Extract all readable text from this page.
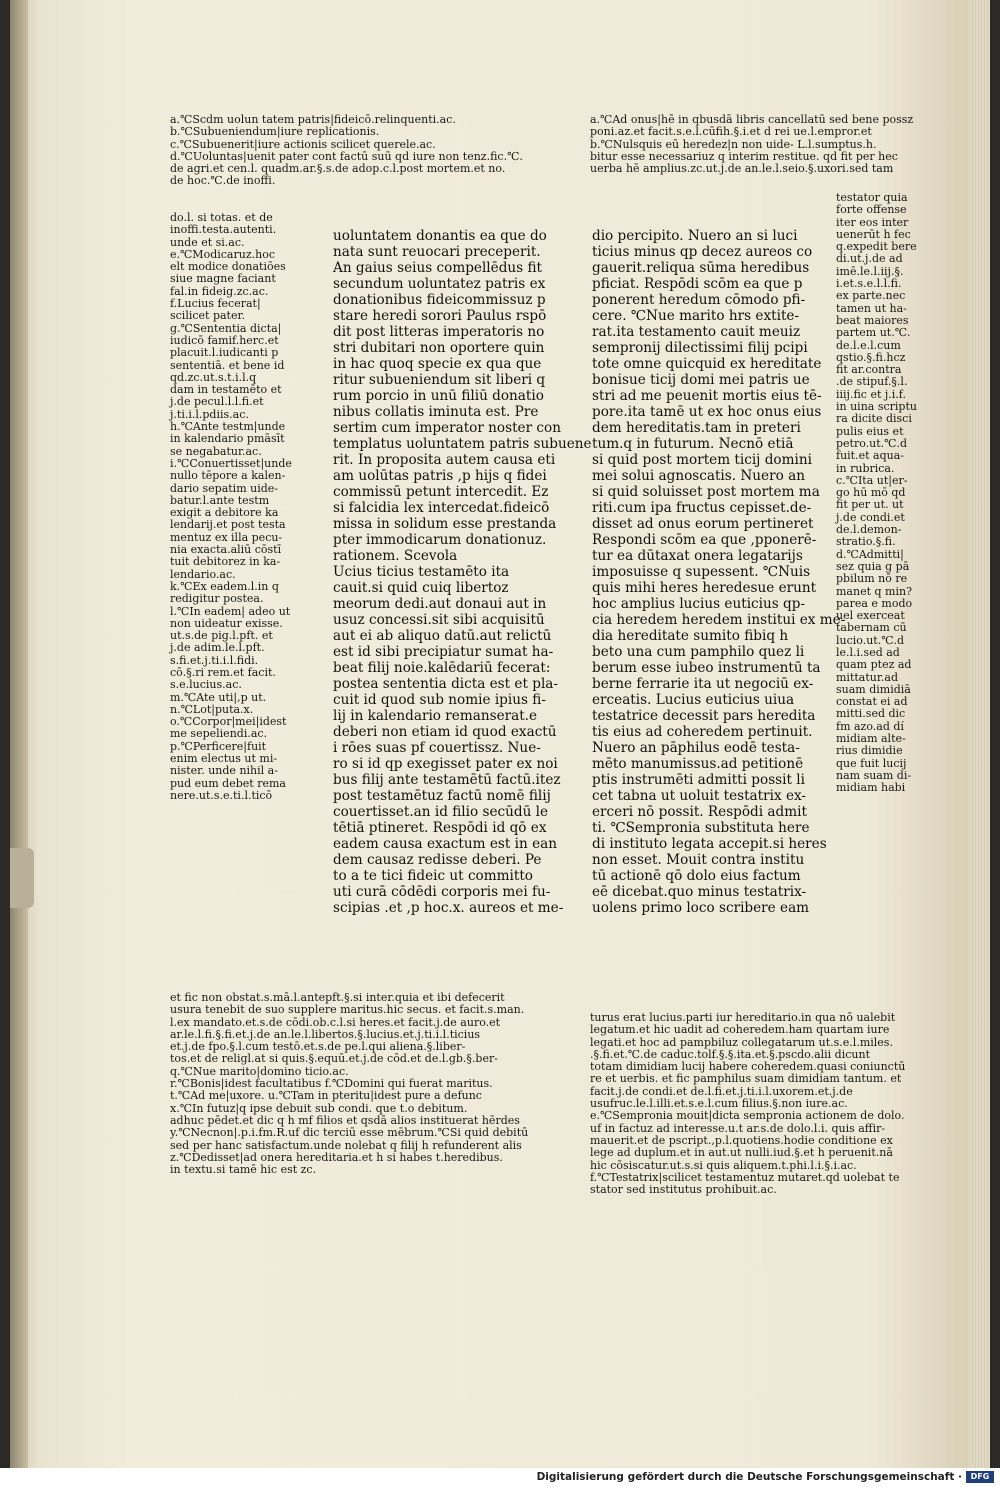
a.℃Scdm uolun tatem patris|fideicō.relinquenti.ac.

b.℃Subueniendum|iure replicationis.

c.℃Subuenerit|iure actionis scilicet querele.ac.

d.℃Uoluntas|uenit pater cont factū suū qd iure non tenz.fic.℃.

de agri.et cen.l. quadm.ar.§.s.de adop.c.l.post mortem.et no.

de hoc.℃.de inoffi.

do.l. si totas. et de

inoffi.testa.autenti.

unde et si.ac.

e.℃Modicaruz.hoc

elt modice donatiōes

siue magne faciant

fal.in fideig.zc.ac.

f.Lucius fecerat|

scilicet pater.

g.℃Sententia dicta|

iudicō famif.herc.et

placuit.l.iudicanti p

sententiā. et bene id

qd.zc.ut.s.t.i.l.q

dam in testamēto et

j.de pecul.l.l.fi.et

j.ti.i.l.pdiis.ac.

h.℃Ante testm|unde

in kalendario pmāsīt

se negabatur.ac.

i.℃Conuertisset|unde

nullo tēpore a kalen-

dario sepatim uide-

batur.l.ante testm

exigit a debitore ka

lendarij.et post testa

mentuz ex illa pecu-

nia exacta.aliū cōstī

tuit debitorez in ka-

lendario.ac.

k.℃Ex eadem.l.in q

redigitur postea.

l.℃In eadem| adeo ut

non uideatur exisse.

ut.s.de pig.l.pft. et

j.de adim.le.l.pft.

s.fi.et.j.ti.i.l.fidi.

cō.§.ri rem.et facit.

s.e.lucius.ac.

m.℃Ate uti|,p ut.

n.℃Lot|puta.x.

o.℃Corpor|mei|idest

me sepeliendi.ac.

p.℃Perficere|fuit

enim electus ut mi-

nister. unde nihil a-

pud eum debet rema

nere.ut.s.e.ti.l.ticō

uoluntatem donantis ea que do

nata sunt reuocari preceperit.

An gaius seius compellēdus fit

secundum uoluntatez patris ex

donationibus fideicommissuz p

stare heredi sorori Paulus rspō

dit post litteras imperatoris no

stri dubitari non oportere quin

in hac quoq specie ex qua que

ritur subueniendum sit liberi q

rum porcio in unū filiū donatio

nibus collatis iminuta est. Pre

sertim cum imperator noster con

templatus uoluntatem patris subuene

rit. In proposita autem causa eti

am uolūtas patris ,p hijs q fidei

commissū petunt intercedit. Ez

si falcidia lex intercedat.fideicō

missa in solidum esse prestanda

pter immodicarum donationuz.

rationem. Scevola

Ucius ticius testamēto ita

cauit.si quid cuiq libertoz

meorum dedi.aut donaui aut in

usuz concessi.sit sibi acquisitū

aut ei ab aliquo datū.aut relictū

est id sibi precipiatur sumat ha-

beat filij noie.kalēdariū fecerat:

postea sententia dicta est et pla-

cuit id quod sub nomie ipius fi-

lij in kalendario remanserat.e

deberi non etiam id quod exactū

i rōes suas pf couertissz. Nue-

ro si id qp exegisset pater ex noi

bus filij ante testamētū factū.itez

post testamētuz factū nomē filij

couertisset.an id filio secūdū le

tētiā ptineret. Respōdi id qō ex

eadem causa exactum est in ean

dem causaz redisse deberi. Pe

to a te tici fideic ut committo

uti curā cōdēdi corporis mei fu-

scipias .et ,p hoc.x. aureos et me-

a.℃Ad onus|hē in qbusdā libris cancellatū sed bene possz

poni.az.et facit.s.e.l.cūfih.§.i.et d rei ue.l.empror.et

b.℃Nulsquis eū heredez|n non uide- L.l.sumptus.h.

bitur esse necessariuz q interim restitue. qd fit per hec

uerba hē amplius.zc.ut.j.de an.le.l.seio.§.uxori.sed tam

dio percipito. Nuero an si luci

ticius minus qp decez aureos co

gauerit.reliqua sūma heredibus

pficiat. Respōdi scōm ea que p

ponerent heredum cōmodo pfi-

cere. ℃Nue marito hrs extite-

rat.ita testamento cauit meuiz

sempronij dilectissimi filij pcipi

tote omne quicquid ex hereditate

bonisue ticij domi mei patris ue

stri ad me peuenit mortis eius tē-

pore.ita tamē ut ex hoc onus eius

dem hereditatis.tam in preteri

tum.q in futurum. Necnō etiā

si quid post mortem ticij domini

mei solui agnoscatis. Nuero an

si quid soluisset post mortem ma

riti.cum ipa fructus cepisset.de-

disset ad onus eorum pertineret

Respondi scōm ea que ,pponerē-

tur ea dūtaxat onera legatarijs

imposuisse q supessent. ℃Nuis

quis mihi heres heredesue erunt

hoc amplius lucius euticius qp-

cia heredem heredem institui ex me-

dia hereditate sumito fibiq h

beto una cum pamphilo quez li

berum esse iubeo instrumentū ta

berne ferrarie ita ut negociū ex-

erceatis. Lucius euticius uiua

testatrice decessit pars heredita

tis eius ad coheredem pertinuit.

Nuero an pāphilus eodē testa-

mēto manumissus.ad petitionē

ptis instrumēti admitti possit li

cet tabna ut uoluit testatrix ex-

erceri nō possit. Respōdi admit

ti. ℃Sempronia substituta here

di instituto legata accepit.si heres

non esset. Mouit contra institu

tū actionē qō dolo eius factum

eē dicebat.quo minus testatrix-

uolens primo loco scribere eam

testator quia

forte offense

iter eos inter

uenerūt h fec

q.expedit bere

di.ut.j.de ad

imē.le.l.iij.§.

i.et.s.e.l.l.fi.

ex parte.nec

tamen ut ha-

beat maiores

partem ut.℃.

de.l.e.l.cum

qstio.§.fi.hcz

fit ar.contra

.de stipuf.§.l.

iiij.fic et j.i.f.

in uina scriptu

ra dicite disci

pulis eius et

petro.ut.℃.d

fuit.et aqua-

in rubrica.

c.℃Ita ut|er-

go hū mō qd

fit per ut. ut

j.de condi.et

de.l.demon-

stratio.§.fi.

d.℃Admitti|

sez quia g pā

pbilum nō re

manet q min?

parea e modo

uel exerceat

tabernam cū

lucio.ut.℃.d

le.l.i.sed ad

quam ptez ad

mittatur.ad

suam dimidiā

constat ei ad

mitti.sed dic

fm azo.ad dí

midiam alte-

rius dimidie

que fuit lucij

nam suam di-

midiam habi

et fic non obstat.s.mā.l.antepft.§.si inter.quia et ibi defecerit

usura tenebit de suo supplere maritus.hic secus. et facit.s.man.

l.ex mandato.et.s.de cōdi.ob.c.l.si heres.et facit.j.de auro.et

ar.le.l.fi.§.fi.et.j.de an.le.l.libertos.§.lucius.et.j.ti.i.l.ticius

et.j.de fpo.§.l.cum testō.et.s.de pe.l.qui aliena.§.liber-

tos.et de religl.at si quis.§.equū.et.j.de cōd.et de.l.gb.§.ber-

q.℃Nue marito|domino ticio.ac.

r.℃Bonis|idest facultatibus f.℃Domini qui fuerat maritus.

t.℃Ad me|uxore. u.℃Tam in pteritu|idest pure a defunc

x.℃In futuz|q ipse debuit sub condi. que t.o debitum.

adhuc pēdet.et dic q h mf filios et qsdā alios instituerat hērdes

y.℃Necnon|.p.i.fm.R.uf dic terciū esse mēbrum.℃Si quid debitū

sed per hanc satisfactum.unde nolebat q filij h refunderent alis

z.℃Dedisset|ad onera hereditaria.et h si habes t.heredibus.

in textu.si tamē hic est zc.

turus erat lucius.parti iur hereditario.in qua nō ualebit

legatum.et hic uadit ad coheredem.ham quartam iure

legati.et hoc ad pampbiluz collegatarum ut.s.e.l.miles.

.§.fi.et.℃.de caduc.tolf.§.§.ita.et.§.pscdo.alii dicunt

totam dimidiam lucij habere coheredem.quasi coniunctū

re et uerbis. et fic pamphilus suam dimidiam tantum. et

facit.j.de condi.et de.l.fi.et.j.ti.i.l.uxorem.et.j.de

usufruc.le.l.illi.et.s.e.l.cum filius.§.non iure.ac.

e.℃Sempronia mouit|dicta sempronia actionem de dolo.

uf in factuz ad interesse.u.t ar.s.de dolo.l.i. quis affir-

mauerit.et de pscript.,p.l.quotiens.hodie conditione ex

lege ad duplum.et in aut.ut nulli.iud.§.et h peruenit.nā

hic cōsiscatur.ut.s.si quis aliquem.t.phi.l.i.§.i.ac.

f.℃Testatrix|scilicet testamentuz mutaret.qd uolebat te

stator sed institutus prohibuit.ac.

Digitalisierung gefördert durch die Deutsche Forschungsgemeinschaft ·	DFG
